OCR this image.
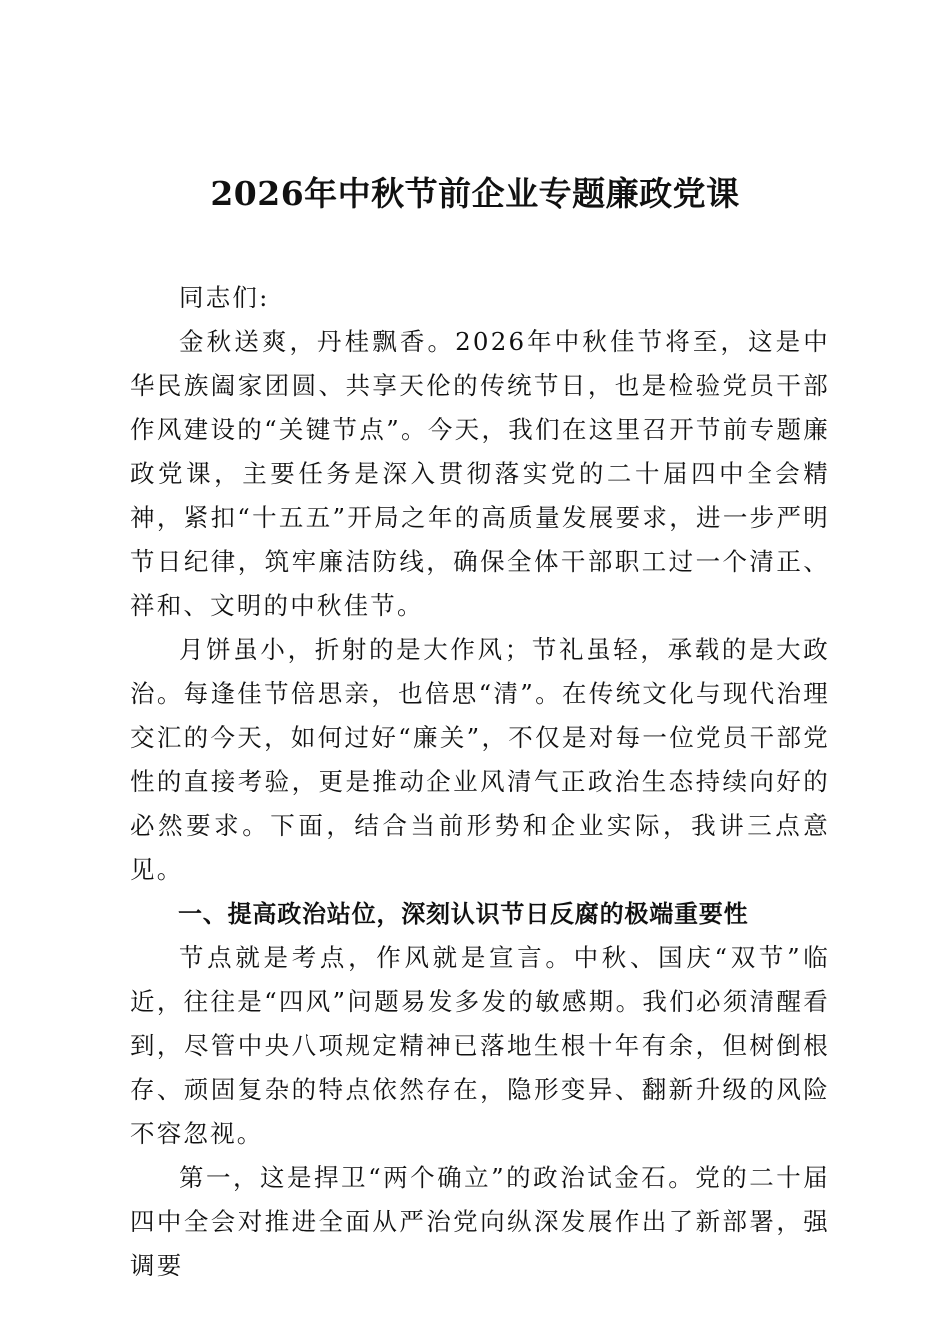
2026年中秋节前企业专题廉政党课

同志们:

金秋送爽，丹桂飘香。2026年中秋佳节将至，这是中华民族阖家团圆、共享天伦的传统节日，也是检验党员干部作风建设的“关键节点”。今天，我们在这里召开节前专题廉政党课，主要任务是深入贯彻落实党的二十届四中全会精神，紧扣“十五五”开局之年的高质量发展要求，进一步严明节日纪律，筑牢廉洁防线，确保全体干部职工过一个清正、祥和、文明的中秋佳节。

月饼虽小，折射的是大作风；节礼虽轻，承载的是大政治。每逢佳节倍思亲，也倍思“清”。在传统文化与现代治理交汇的今天，如何过好“廉关”，不仅是对每一位党员干部党性的直接考验，更是推动企业风清气正政治生态持续向好的必然要求。下面，结合当前形势和企业实际，我讲三点意见。

一、提高政治站位，深刻认识节日反腐的极端重要性

节点就是考点，作风就是宣言。中秋、国庆“双节”临近，往往是“四风”问题易发多发的敏感期。我们必须清醒看到，尽管中央八项规定精神已落地生根十年有余，但树倒根存、顽固复杂的特点依然存在，隐形变异、翻新升级的风险不容忽视。

第一，这是捍卫“两个确立”的政治试金石。党的二十届四中全会对推进全面从严治党向纵深发展作出了新部署，强调要
